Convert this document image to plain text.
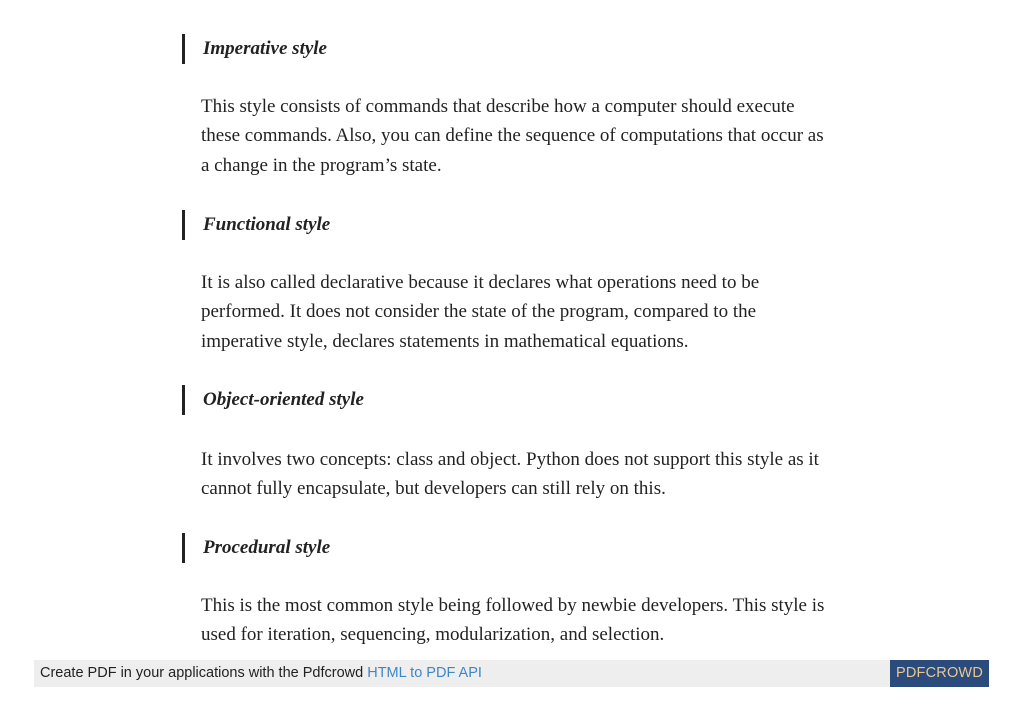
Imperative style

This style consists of commands that describe how a computer should execute these commands. Also, you can define the sequence of computations that occur as a change in the program’s state.

Functional style

It is also called declarative because it declares what operations need to be performed. It does not consider the state of the program, compared to the imperative style, declares statements in mathematical equations.

Object-oriented style

It involves two concepts: class and object. Python does not support this style as it cannot fully encapsulate, but developers can still rely on this.

Procedural style

This is the most common style being followed by newbie developers. This style is used for iteration, sequencing, modularization, and selection.

Create PDF in your applications with the Pdfcrowd HTML to PDF API	PDFCROWD
